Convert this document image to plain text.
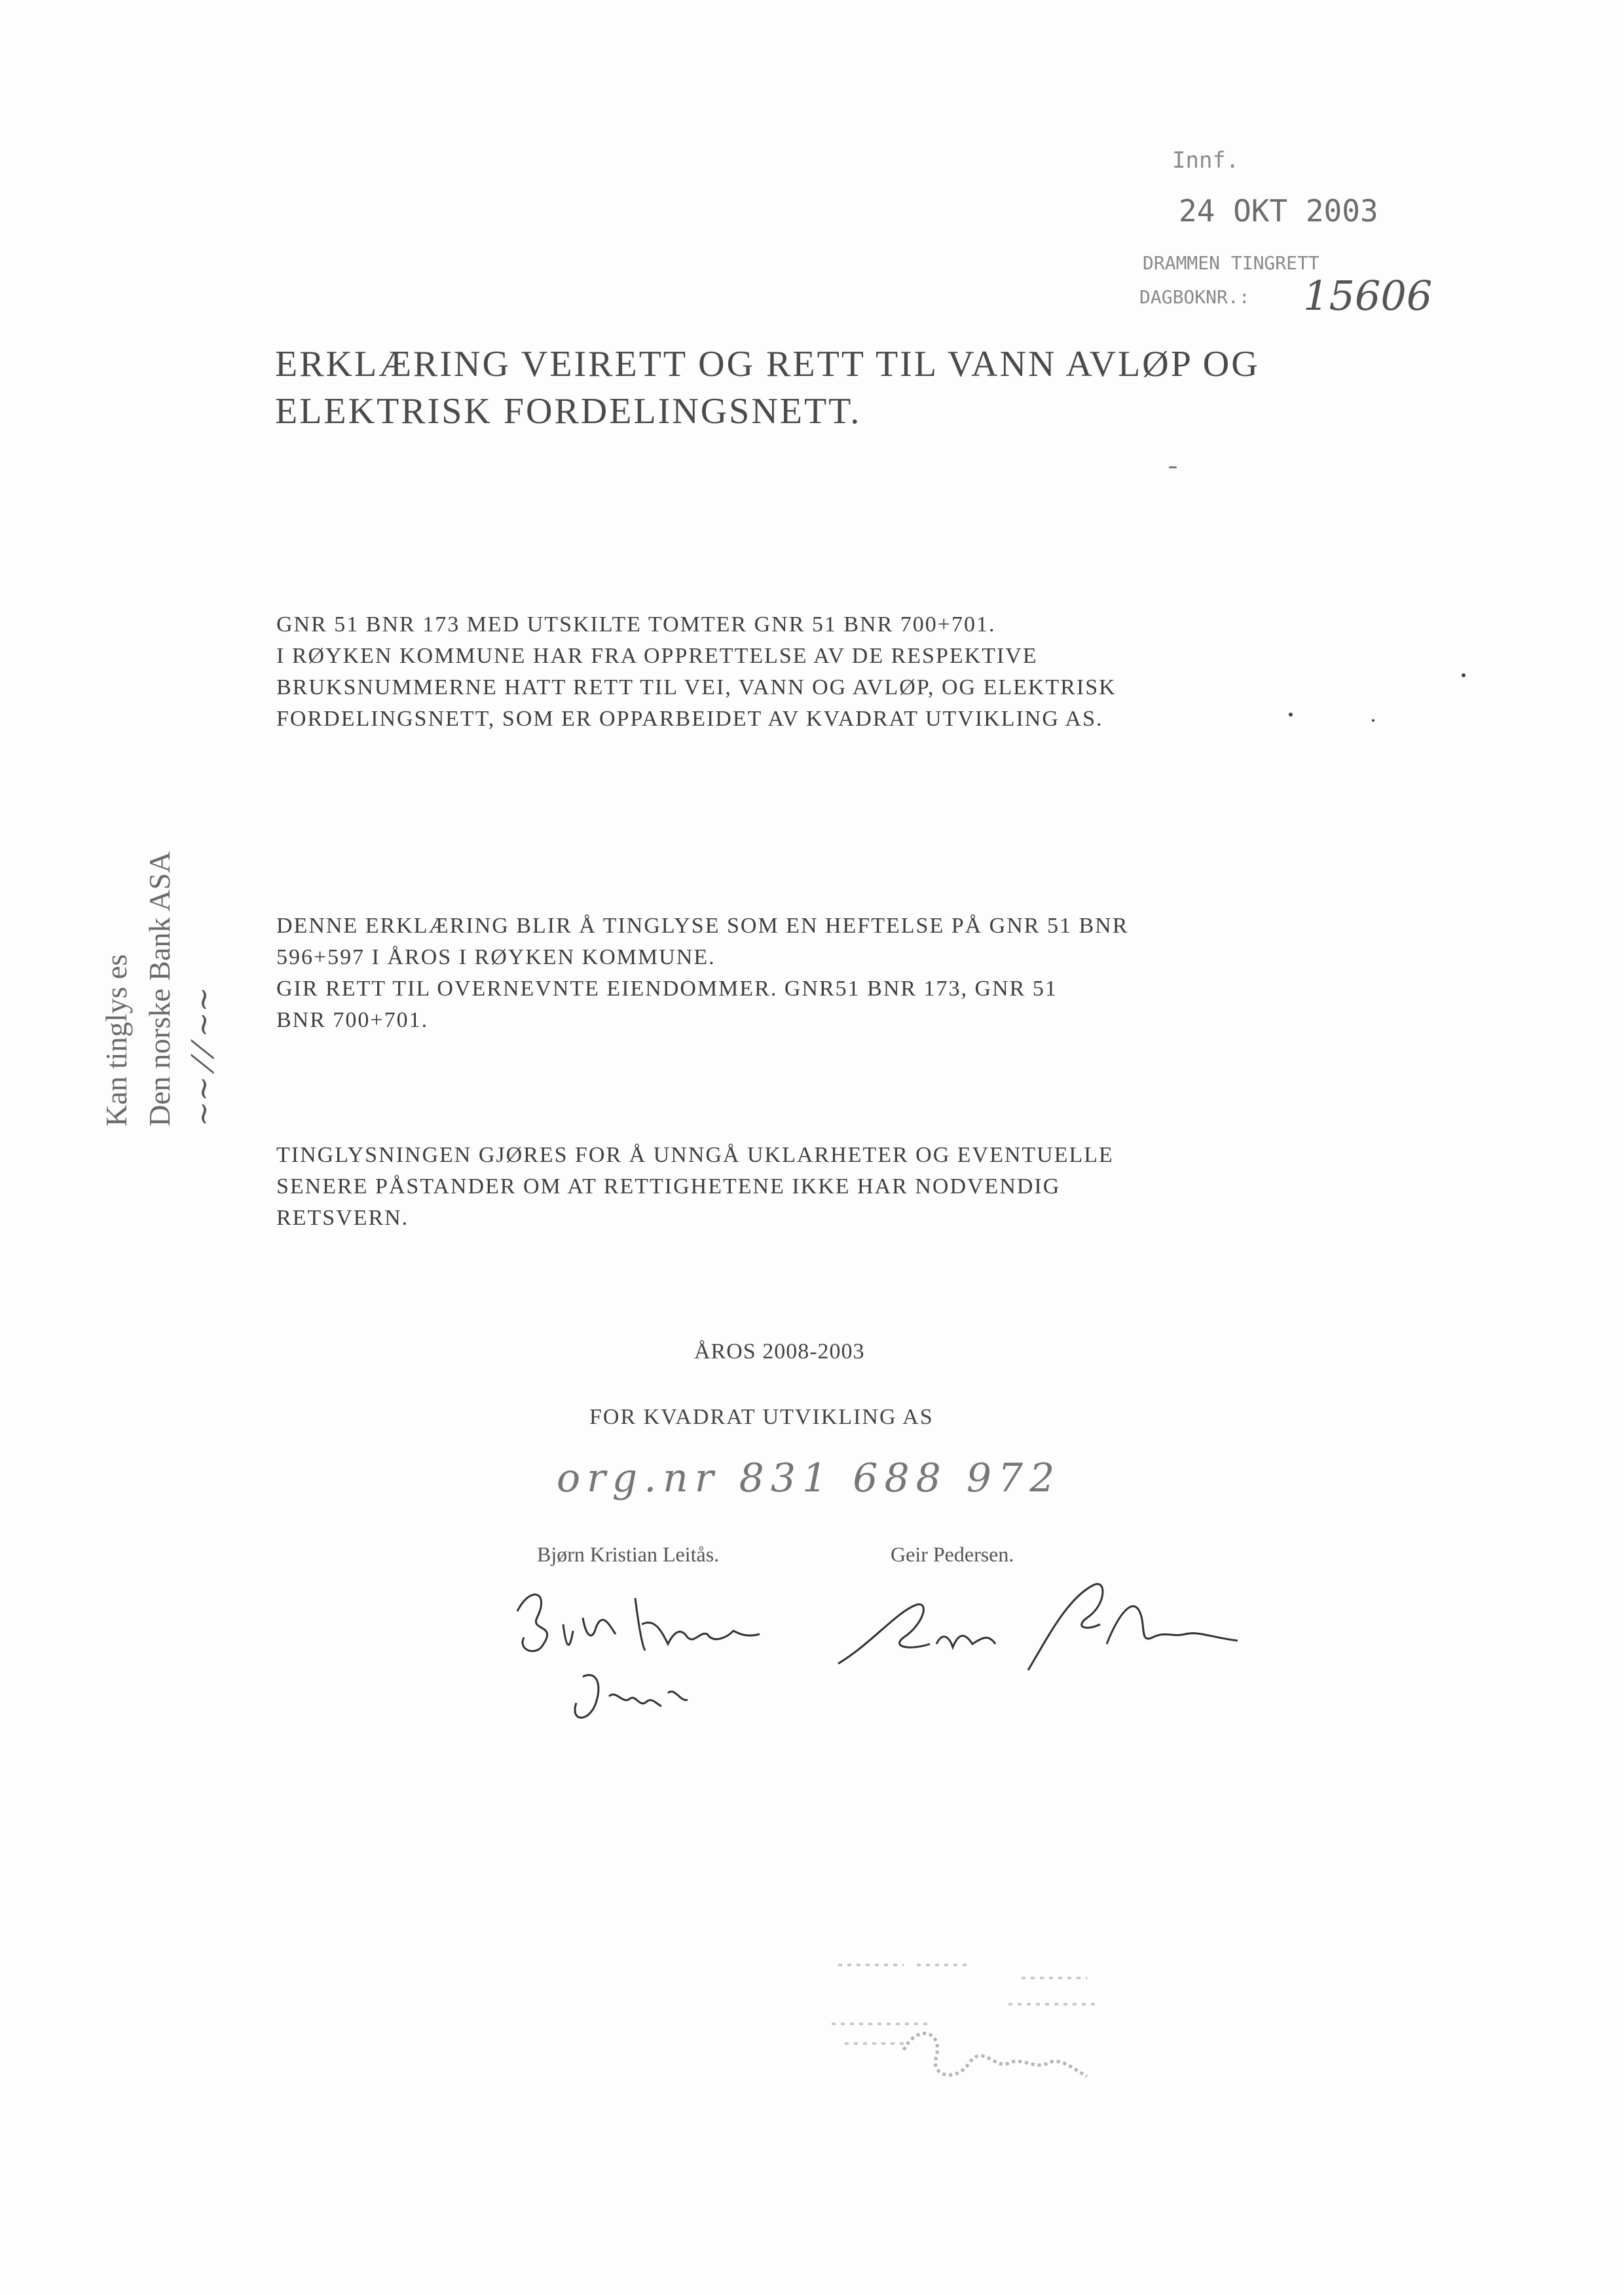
Innf.
24 OKT 2003
DRAMMEN TINGRETT
DAGBOKNR.: 15606
ERKLÆRING VEIRETT OG RETT TIL VANN AVLØP OG
ELEKTRISK FORDELINGSNETT.
GNR 51 BNR 173 MED UTSKILTE TOMTER GNR 51 BNR 700+701.
I RØYKEN KOMMUNE HAR FRA OPPRETTELSE AV DE RESPEKTIVE
BRUKSNUMMERNE HATT RETT TIL VEI, VANN OG AVLØP, OG ELEKTRISK
FORDELINGSNETT, SOM ER OPPARBEIDET AV KVADRAT UTVIKLING AS.
DENNE ERKLÆRING BLIR Å TINGLYSE SOM EN HEFTELSE PÅ GNR 51 BNR
596+597 I ÅROS I RØYKEN KOMMUNE.
GIR RETT TIL OVERNEVNTE EIENDOMMER. GNR51 BNR 173, GNR 51
BNR 700+701.
TINGLYSNINGEN GJØRES FOR Å UNNGÅ UKLARHETER OG EVENTUELLE
SENERE PÅSTANDER OM AT RETTIGHETENE IKKE HAR NODVENDIG
RETSVERN.
ÅROS 2008-2003
FOR KVADRAT UTVIKLING AS
org.nr 831 688 972
Bjørn Kristian Leitås.	Geir Pedersen.
Kan tinglys es Den norske Bank ASA ~~ ⁄ ⁄ ~~
